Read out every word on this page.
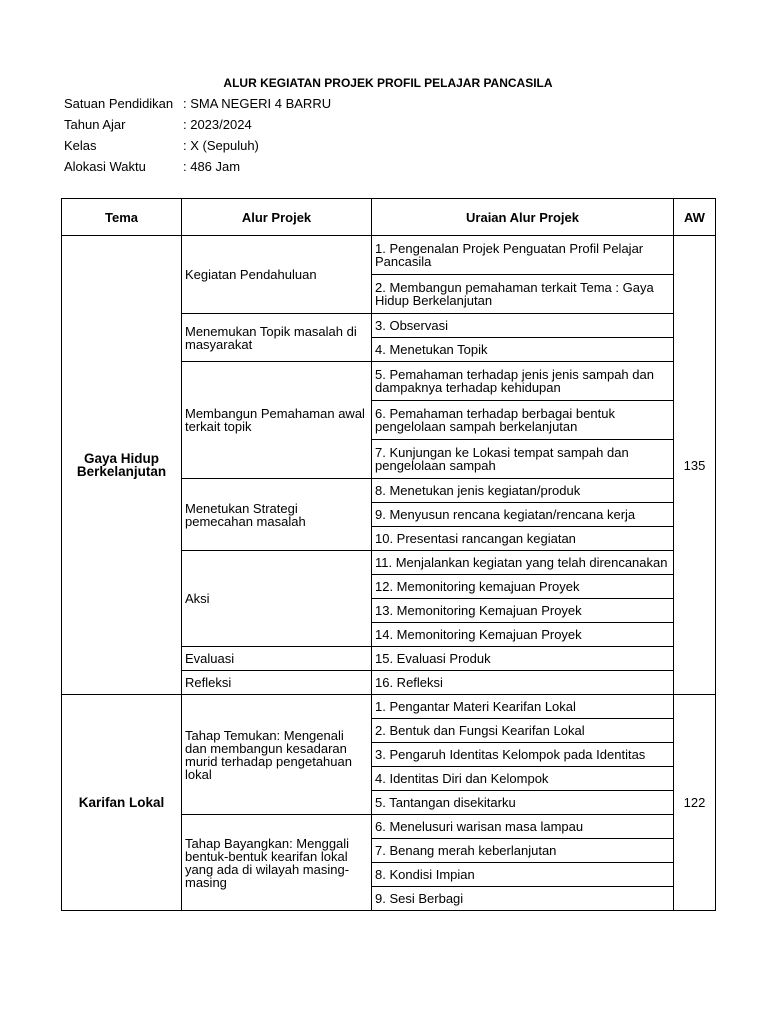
ALUR KEGIATAN PROJEK PROFIL PELAJAR PANCASILA
Satuan Pendidikan : SMA NEGERI 4 BARRU
Tahun Ajar	: 2023/2024
Kelas	: X (Sepuluh)
Alokasi Waktu	: 486 Jam
Tema	Alur Projek	Uraian Alur Projek	AW
Gaya Hidup Berkelanjutan	Kegiatan Pendahuluan	1. Pengenalan Projek Penguatan Profil Pelajar Pancasila	135
		2. Membangun pemahaman terkait Tema : Gaya Hidup Berkelanjutan	
	Menemukan Topik masalah di masyarakat	3. Observasi	
		4. Menetukan Topik	
	Membangun Pemahaman awal terkait topik	5. Pemahaman terhadap jenis jenis sampah dan dampaknya terhadap kehidupan	
		6. Pemahaman terhadap berbagai bentuk pengelolaan sampah berkelanjutan	
		7. Kunjungan ke Lokasi tempat sampah dan pengelolaan sampah	
	Menetukan Strategi pemecahan masalah	8. Menetukan jenis kegiatan/produk	
		9. Menyusun rencana kegiatan/rencana kerja	
		10. Presentasi rancangan kegiatan	
	Aksi	11. Menjalankan kegiatan yang telah direncanakan	
		12. Memonitoring kemajuan Proyek	
		13. Memonitoring Kemajuan Proyek	
		14. Memonitoring Kemajuan Proyek	
	Evaluasi	15. Evaluasi Produk	
	Refleksi	16. Refleksi	
Karifan Lokal	Tahap Temukan: Mengenali dan membangun kesadaran murid terhadap pengetahuan lokal	1. Pengantar Materi Kearifan Lokal	122
		2. Bentuk dan Fungsi Kearifan Lokal	
		3. Pengaruh Identitas Kelompok pada Identitas	
		4. Identitas Diri dan Kelompok	
		5. Tantangan disekitarku	
	Tahap Bayangkan: Menggali bentuk-bentuk kearifan lokal yang ada di wilayah masing-masing	6. Menelusuri warisan masa lampau	
		7. Benang merah keberlanjutan	
		8. Kondisi Impian	
		9. Sesi Berbagi	
